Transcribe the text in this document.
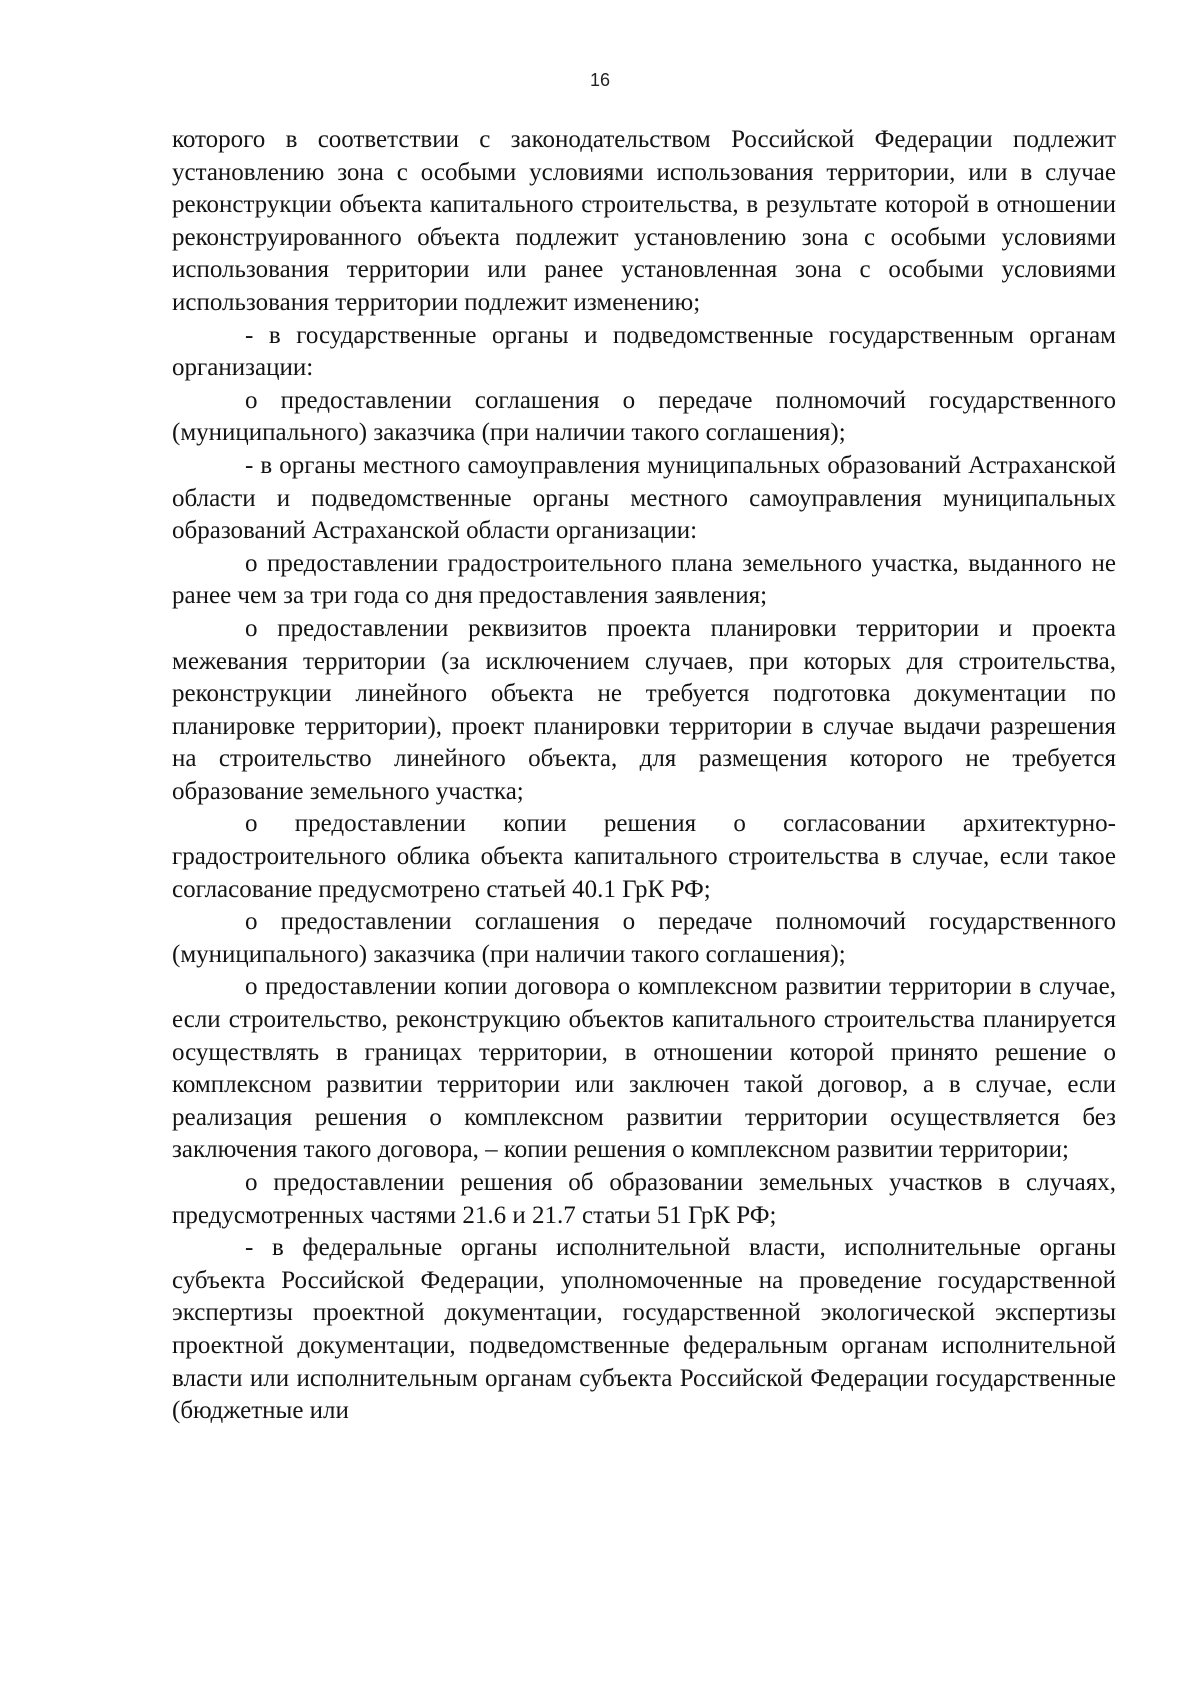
16

которого в соответствии с законодательством Российской Федерации подлежит установлению зона с особыми условиями использования территории, или в случае реконструкции объекта капитального строительства, в результате которой в отношении реконструированного объекта подлежит установлению зона с особыми условиями использования территории или ранее установленная зона с особыми условиями использования территории подлежит изменению;

- в государственные органы и подведомственные государственным органам организации:

о предоставлении соглашения о передаче полномочий государственного (муниципального) заказчика (при наличии такого соглашения);

- в органы местного самоуправления муниципальных образований Астраханской области и подведомственные органы местного самоуправления муниципальных образований Астраханской области организации:

о предоставлении градостроительного плана земельного участка, выданного не ранее чем за три года со дня предоставления заявления;

о предоставлении реквизитов проекта планировки территории и проекта межевания территории (за исключением случаев, при которых для строительства, реконструкции линейного объекта не требуется подготовка документации по планировке территории), проект планировки территории в случае выдачи разрешения на строительство линейного объекта, для размещения которого не требуется образование земельного участка;

о предоставлении копии решения о согласовании архитектурно-градостроительного облика объекта капитального строительства в случае, если такое согласование предусмотрено статьей 40.1 ГрК РФ;

о предоставлении соглашения о передаче полномочий государственного (муниципального) заказчика (при наличии такого соглашения);

о предоставлении копии договора о комплексном развитии территории в случае, если строительство, реконструкцию объектов капитального строительства планируется осуществлять в границах территории, в отношении которой принято решение о комплексном развитии территории или заключен такой договор, а в случае, если реализация решения о комплексном развитии территории осуществляется без заключения такого договора, – копии решения о комплексном развитии территории;

о предоставлении решения об образовании земельных участков в случаях, предусмотренных частями 21.6 и 21.7 статьи 51 ГрК РФ;

- в федеральные органы исполнительной власти, исполнительные органы субъекта Российской Федерации, уполномоченные на проведение государственной экспертизы проектной документации, государственной экологической экспертизы проектной документации, подведомственные федеральным органам исполнительной власти или исполнительным органам субъекта Российской Федерации государственные (бюджетные или
